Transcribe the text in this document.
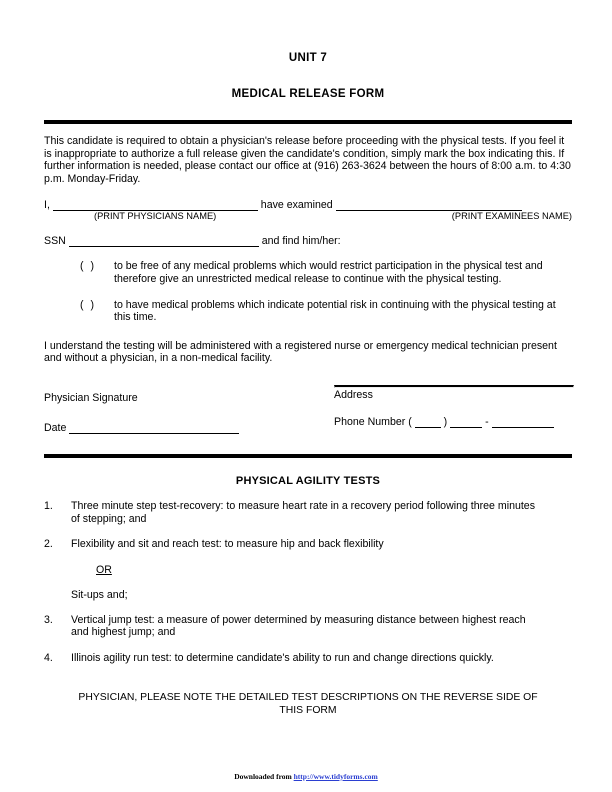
UNIT 7
MEDICAL RELEASE FORM
This candidate is required to obtain a physician's release before proceeding with the physical tests. If you feel it is inappropriate to authorize a full release given the candidate's condition, simply mark the box indicating this. If further information is needed, please contact our office at (916) 263-3624 between the hours of 8:00 a.m. to 4:30 p.m. Monday-Friday.
I,	have examined
(PRINT PHYSICIANS NAME)	(PRINT EXAMINEES NAME)
SSN	and find him/her:
( )	to be free of any medical problems which would restrict participation in the physical test and therefore give an unrestricted medical release to continue with the physical testing.
( )	to have medical problems which indicate potential risk in continuing with the physical testing at this time.
I understand the testing will be administered with a registered nurse or emergency medical technician present and without a physician, in a non-medical facility.
Physician Signature
Date
Address
Phone Number (	)	-
PHYSICAL AGILITY TESTS
1.	Three minute step test-recovery: to measure heart rate in a recovery period following three minutes of stepping; and
2.	Flexibility and sit and reach test: to measure hip and back flexibility
OR
Sit-ups and;
3.	Vertical jump test: a measure of power determined by measuring distance between highest reach and highest jump; and
4.	Illinois agility run test: to determine candidate's ability to run and change directions quickly.
PHYSICIAN, PLEASE NOTE THE DETAILED TEST DESCRIPTIONS ON THE REVERSE SIDE OF THIS FORM
Downloaded from http://www.tidyforms.com
